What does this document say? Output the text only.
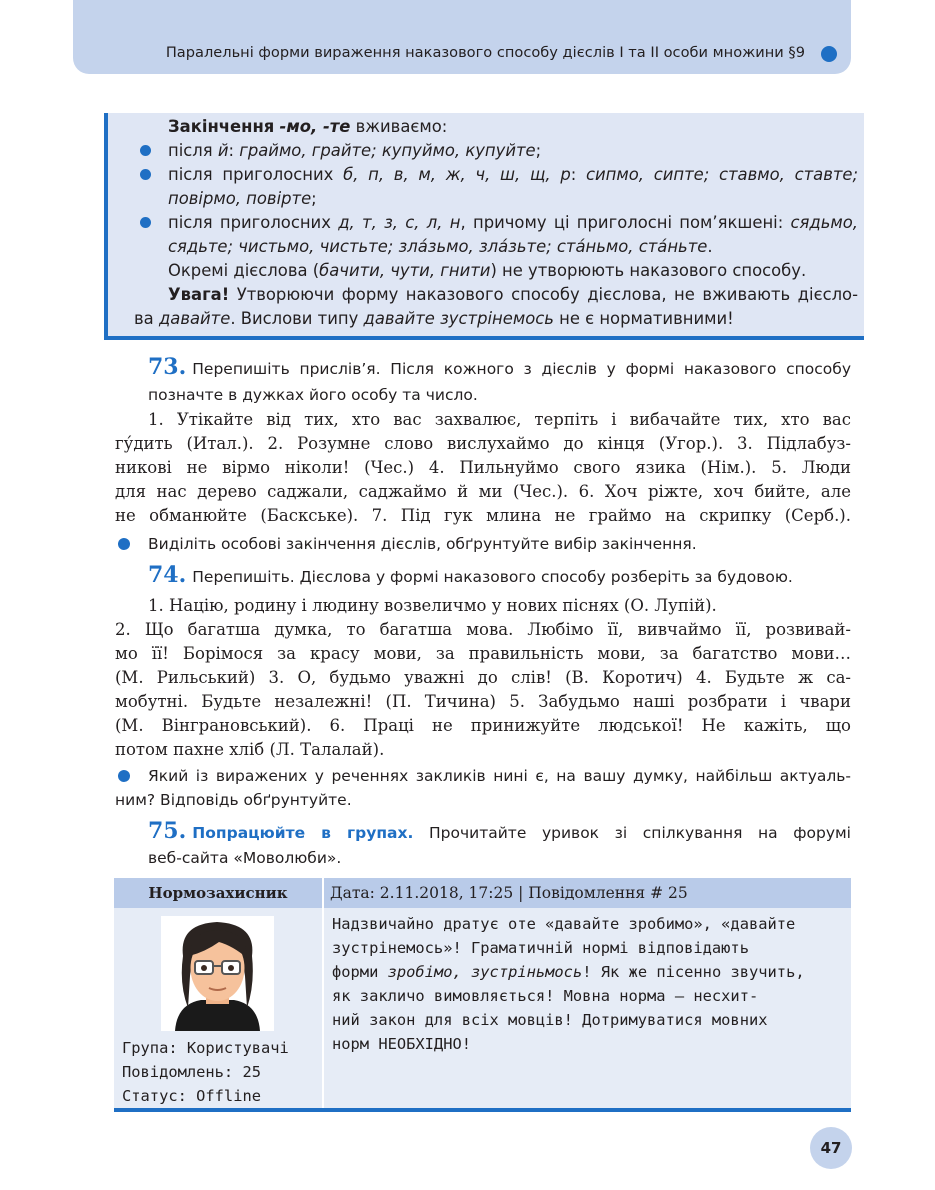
Паралельні форми вираження наказового способу дієслів І та ІІ особи множини §9
Закінчення -мо, -те вживаємо:
після й: граймо, грайте; купуймо, купуйте;
після приголосних б, п, в, м, ж, ч, ш, щ, р: сипмо, сипте; ставмо, ставте;
повірмо, повірте;
після приголосних д, т, з, с, л, н, причому ці приголосні пом’якшені: сядьмо,
сядьте; чистьмо, чистьте; зла́зьмо, зла́зьте; ста́ньмо, ста́ньте.
Окремі дієслова (бачити, чути, гнити) не утворюють наказового способу.
Увага! Утворюючи форму наказового способу дієслова, не вживають дієсло-
ва давайте. Вислови типу давайте зустрінемось не є нормативними!
73. Перепишіть прислів’я. Після кожного з дієслів у формі наказового способу
позначте в дужках його особу та число.
1. Утікайте від тих, хто вас захвалює, терпіть і вибачайте тих, хто вас
гу́дить (Итал.). 2. Розумне слово вислухаймо до кінця (Угор.). 3. Підлабуз-
никові не вірмо ніколи! (Чес.) 4. Пильнуймо свого язика (Нім.). 5. Люди
для нас дерево саджали, саджаймо й ми (Чес.). 6. Хоч ріжте, хоч бийте, але
не обманюйте (Баскське). 7. Під гук млина не граймо на скрипку (Серб.).
Виділіть особові закінчення дієслів, обґрунтуйте вибір закінчення.
74. Перепишіть. Дієслова у формі наказового способу розберіть за будовою.
1. Націю, родину і людину возвеличмо у нових піснях (О. Лупій).
2. Що багатша думка, то багатша мова. Любімо її, вивчаймо її, розвивай-
мо її! Борімося за красу мови, за правильність мови, за багатство мови…
(М. Рильський) 3. О, будьмо уважні до слів! (В. Коротич) 4. Будьте ж са-
мобутні. Будьте незалежні! (П. Тичина) 5. Забудьмо наші розбрати і чвари
(М. Вінграновський). 6. Праці не принижуйте людської! Не кажіть, що
потом пахне хліб (Л. Талалай).
Який із виражених у реченнях закликів нині є, на вашу думку, найбільш актуаль-
ним? Відповідь обґрунтуйте.
75. Попрацюйте в групах. Прочитайте уривок зі спілкування на форумі
веб-сайта «Моволюби».
Нормозахисник	Дата: 2.11.2018, 17:25 | Повідомлення # 25
Група: Користувачі
Повідомлень: 25
Статус: Offline
Надзвичайно дратує оте «давайте зробимо», «давайте
зустрінемось»! Граматичній нормі відповідають
форми зробімо, зустріньмось! Як же пісенно звучить,
як закличо вимовляється! Мовна норма — несхит-
ний закон для всіх мовців! Дотримуватися мовних
норм НЕОБХІДНО!
47
